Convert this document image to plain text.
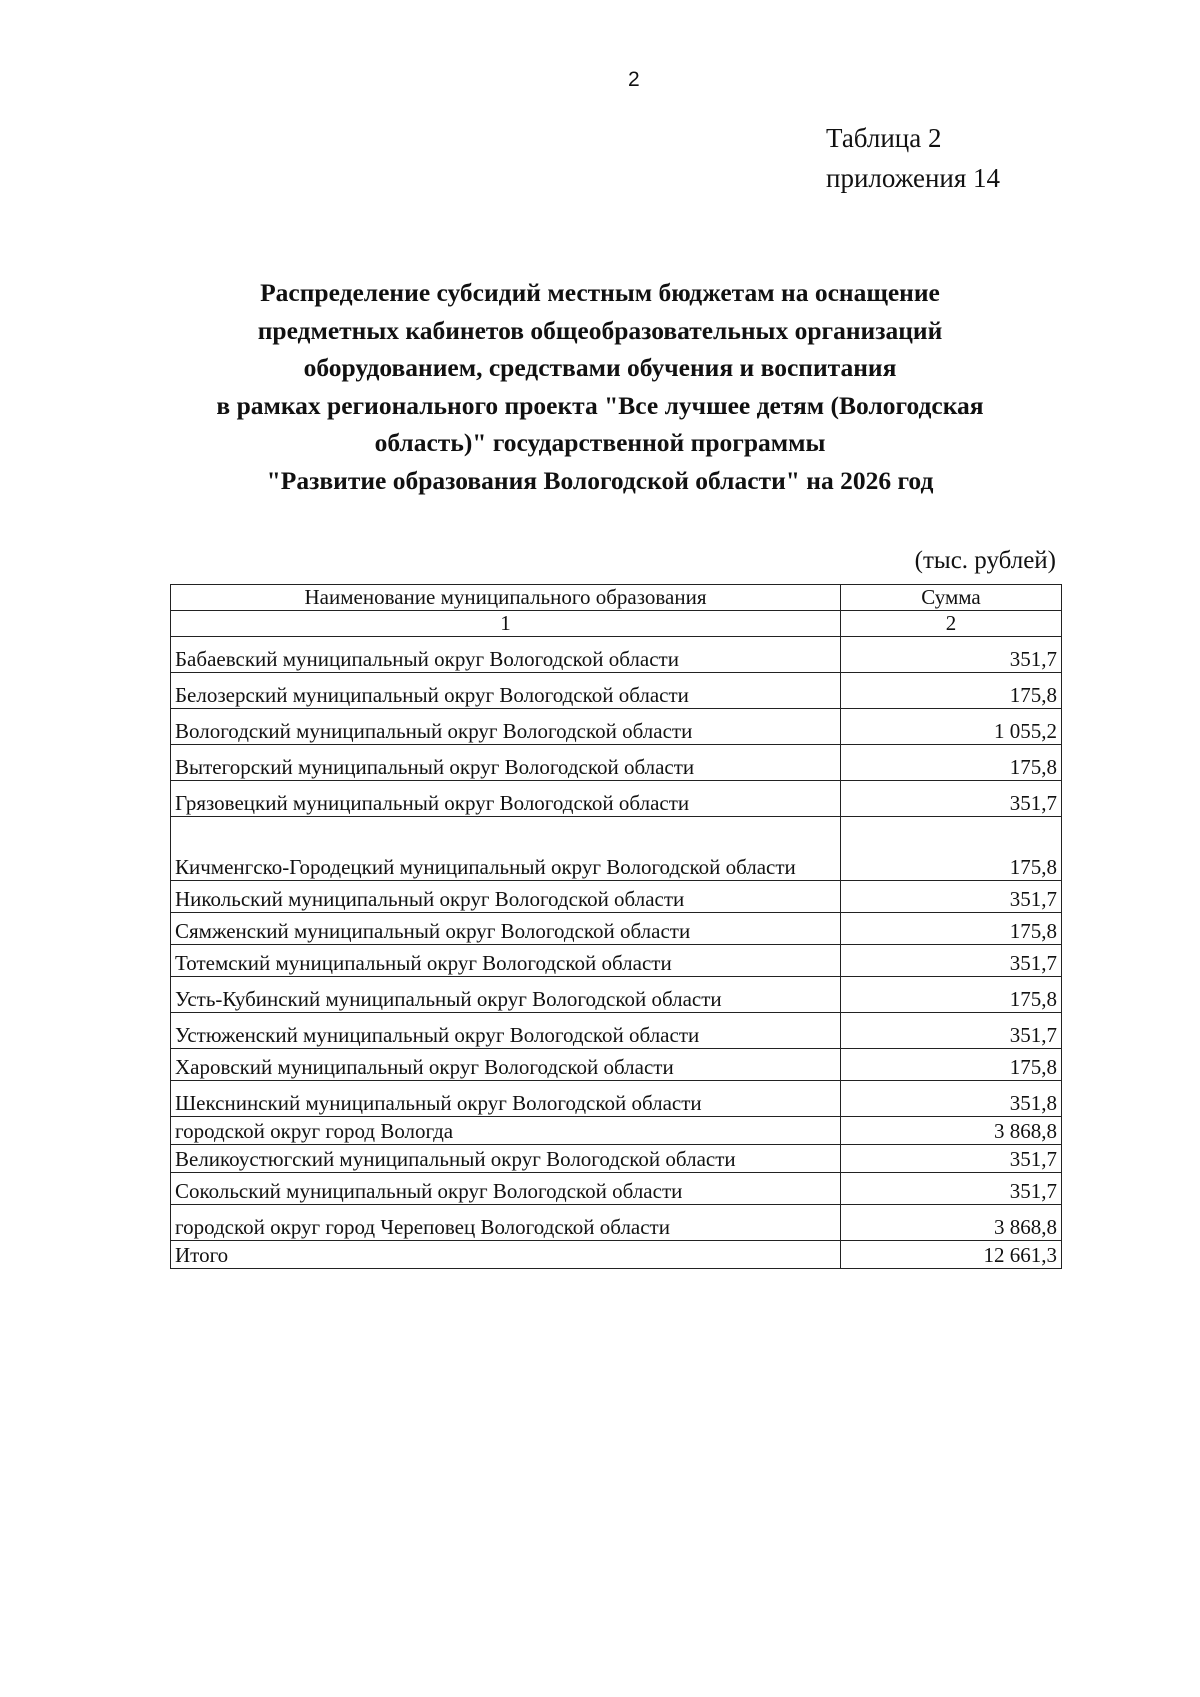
2
Таблица 2
приложения 14
Распределение субсидий местным бюджетам на оснащение
предметных кабинетов общеобразовательных организаций
оборудованием, средствами обучения и воспитания
в рамках регионального проекта "Все лучшее детям (Вологодская
область)" государственной программы
"Развитие образования Вологодской области" на 2026 год
(тыс. рублей)
Наименование муниципального образования	Сумма
1	2
Бабаевский муниципальный округ Вологодской области	351,7
Белозерский муниципальный округ Вологодской области	175,8
Вологодский муниципальный округ Вологодской области	1 055,2
Вытегорский муниципальный округ Вологодской области	175,8
Грязовецкий муниципальный округ Вологодской области	351,7
Кичменгско-Городецкий муниципальный округ Вологодской области	175,8
Никольский муниципальный округ Вологодской области	351,7
Сямженский муниципальный округ Вологодской области	175,8
Тотемский муниципальный округ Вологодской области	351,7
Усть-Кубинский муниципальный округ Вологодской области	175,8
Устюженский муниципальный округ Вологодской области	351,7
Харовский муниципальный округ Вологодской области	175,8
Шекснинский муниципальный округ Вологодской области	351,8
городской округ город Вологда	3 868,8
Великоустюгский муниципальный округ Вологодской области	351,7
Сокольский муниципальный округ Вологодской области	351,7
городской округ город Череповец Вологодской области	3 868,8
Итого	12 661,3
